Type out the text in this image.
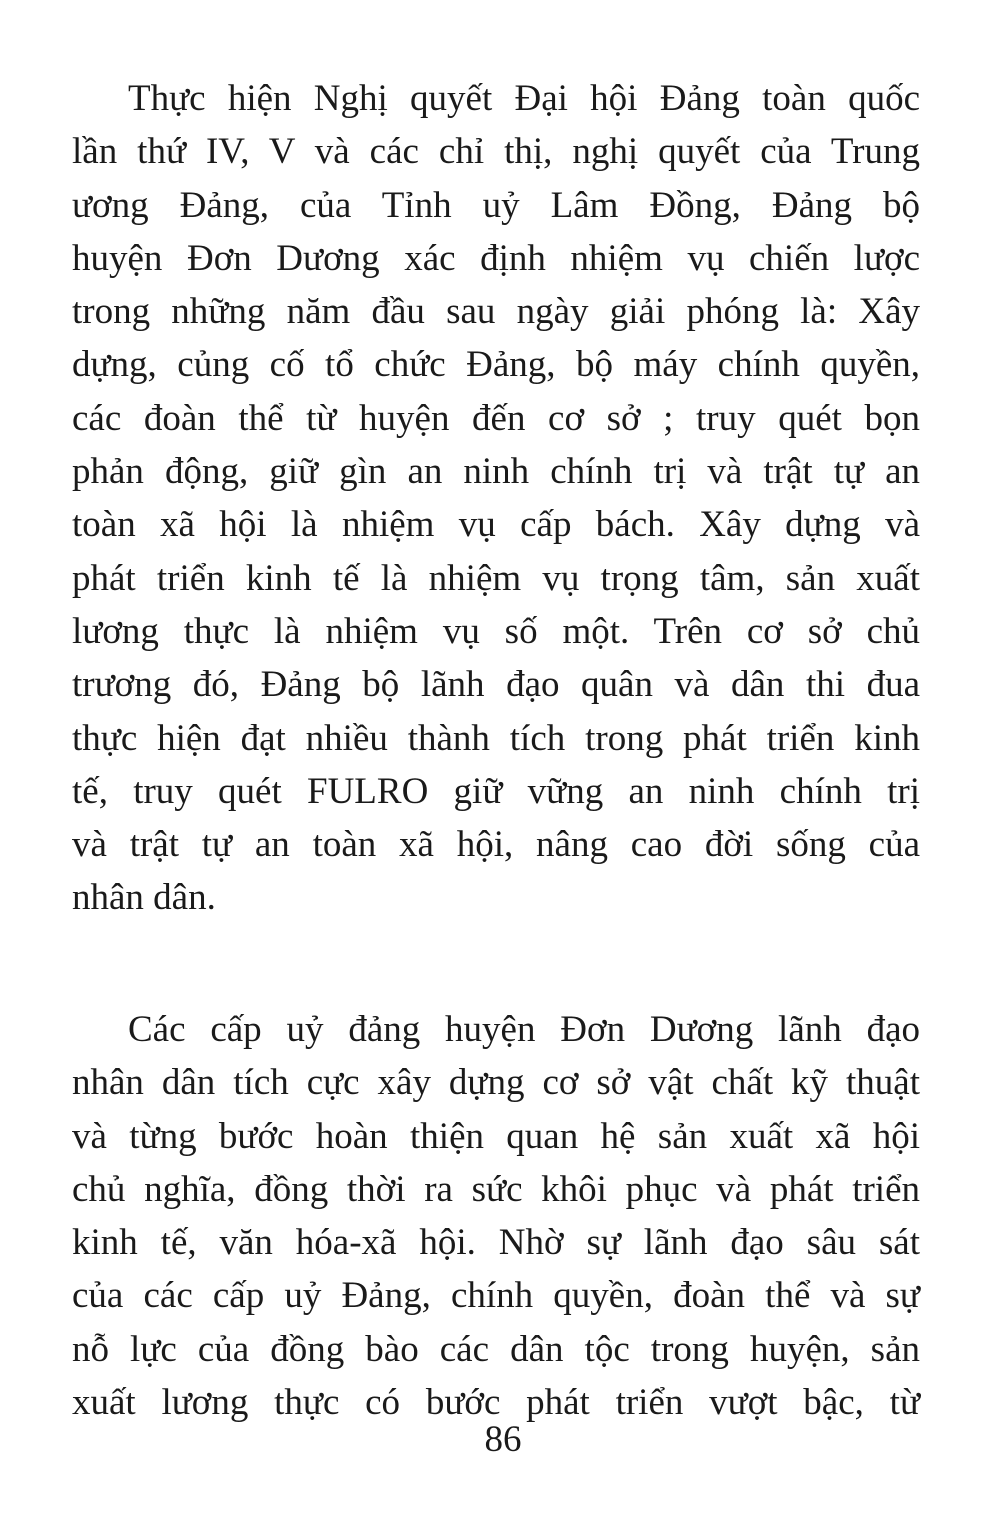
Thực hiện Nghị quyết Đại hội Đảng toàn quốc
lần thứ IV, V và các chỉ thị, nghị quyết của Trung
ương Đảng, của Tỉnh uỷ Lâm Đồng, Đảng bộ
huyện Đơn Dương xác định nhiệm vụ chiến lược
trong những năm đầu sau ngày giải phóng là: Xây
dựng, củng cố tổ chức Đảng, bộ máy chính quyền,
các đoàn thể từ huyện đến cơ sở ; truy quét bọn
phản động, giữ gìn an ninh chính trị và trật tự an
toàn xã hội là nhiệm vụ cấp bách. Xây dựng và
phát triển kinh tế là nhiệm vụ trọng tâm, sản xuất
lương thực là nhiệm vụ số một. Trên cơ sở chủ
trương đó, Đảng bộ lãnh đạo quân và dân thi đua
thực hiện đạt nhiều thành tích trong phát triển kinh
tế, truy quét FULRO giữ vững an ninh chính trị
và trật tự an toàn xã hội, nâng cao đời sống của
nhân dân.

Các cấp uỷ đảng huyện Đơn Dương lãnh đạo
nhân dân tích cực xây dựng cơ sở vật chất kỹ thuật
và từng bước hoàn thiện quan hệ sản xuất xã hội
chủ nghĩa, đồng thời ra sức khôi phục và phát triển
kinh tế, văn hóa-xã hội. Nhờ sự lãnh đạo sâu sát
của các cấp uỷ Đảng, chính quyền, đoàn thể và sự
nỗ lực của đồng bào các dân tộc trong huyện, sản
xuất lương thực có bước phát triển vượt bậc, từ

86
